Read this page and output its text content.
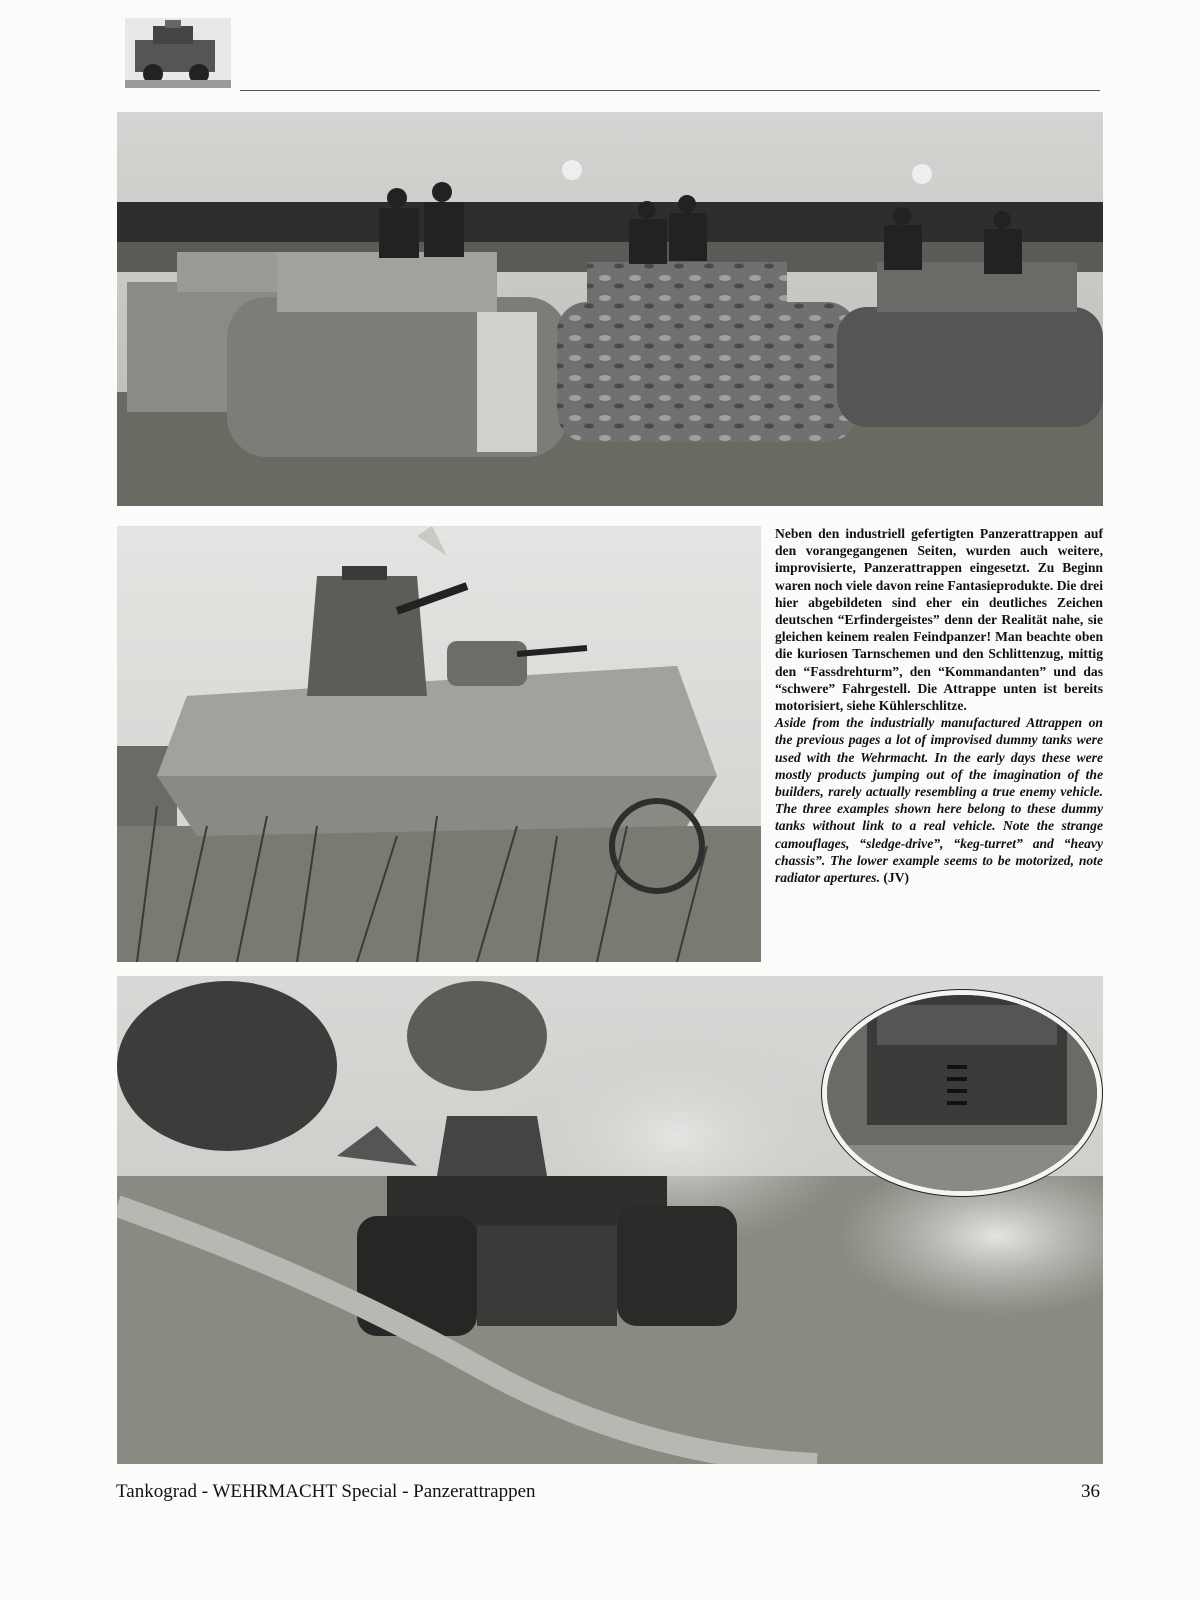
Neben den industriell gefertigten Panzerattrappen auf den vorangegangenen Seiten, wurden auch weitere, improvisierte, Panzerattrappen eingesetzt. Zu Beginn waren noch viele davon reine Fantasieprodukte. Die drei hier abgebildeten sind eher ein deutliches Zeichen deutschen “Erfindergeistes” denn der Realität nahe, sie gleichen keinem realen Feindpanzer! Man beachte oben die kuriosen Tarnschemen und den Schlittenzug, mittig den “Fassdrehturm”, den “Kommandanten” und das “schwere” Fahrgestell. Die Attrappe unten ist bereits motorisiert, siehe Kühlerschlitze.

Aside from the industrially manufactured Attrappen on the previous pages a lot of improvised dummy tanks were used with the Wehrmacht. In the early days these were mostly products jumping out of the imagination of the builders, rarely actually resembling a true enemy vehicle. The three examples shown here belong to these dummy tanks without link to a real vehicle. Note the strange camouflages, “sledge-drive”, “keg-turret” and “heavy chassis”. The lower example seems to be motorized, note radiator apertures. (JV)

Tankograd - WEHRMACHT Special - Panzerattrappen	36
